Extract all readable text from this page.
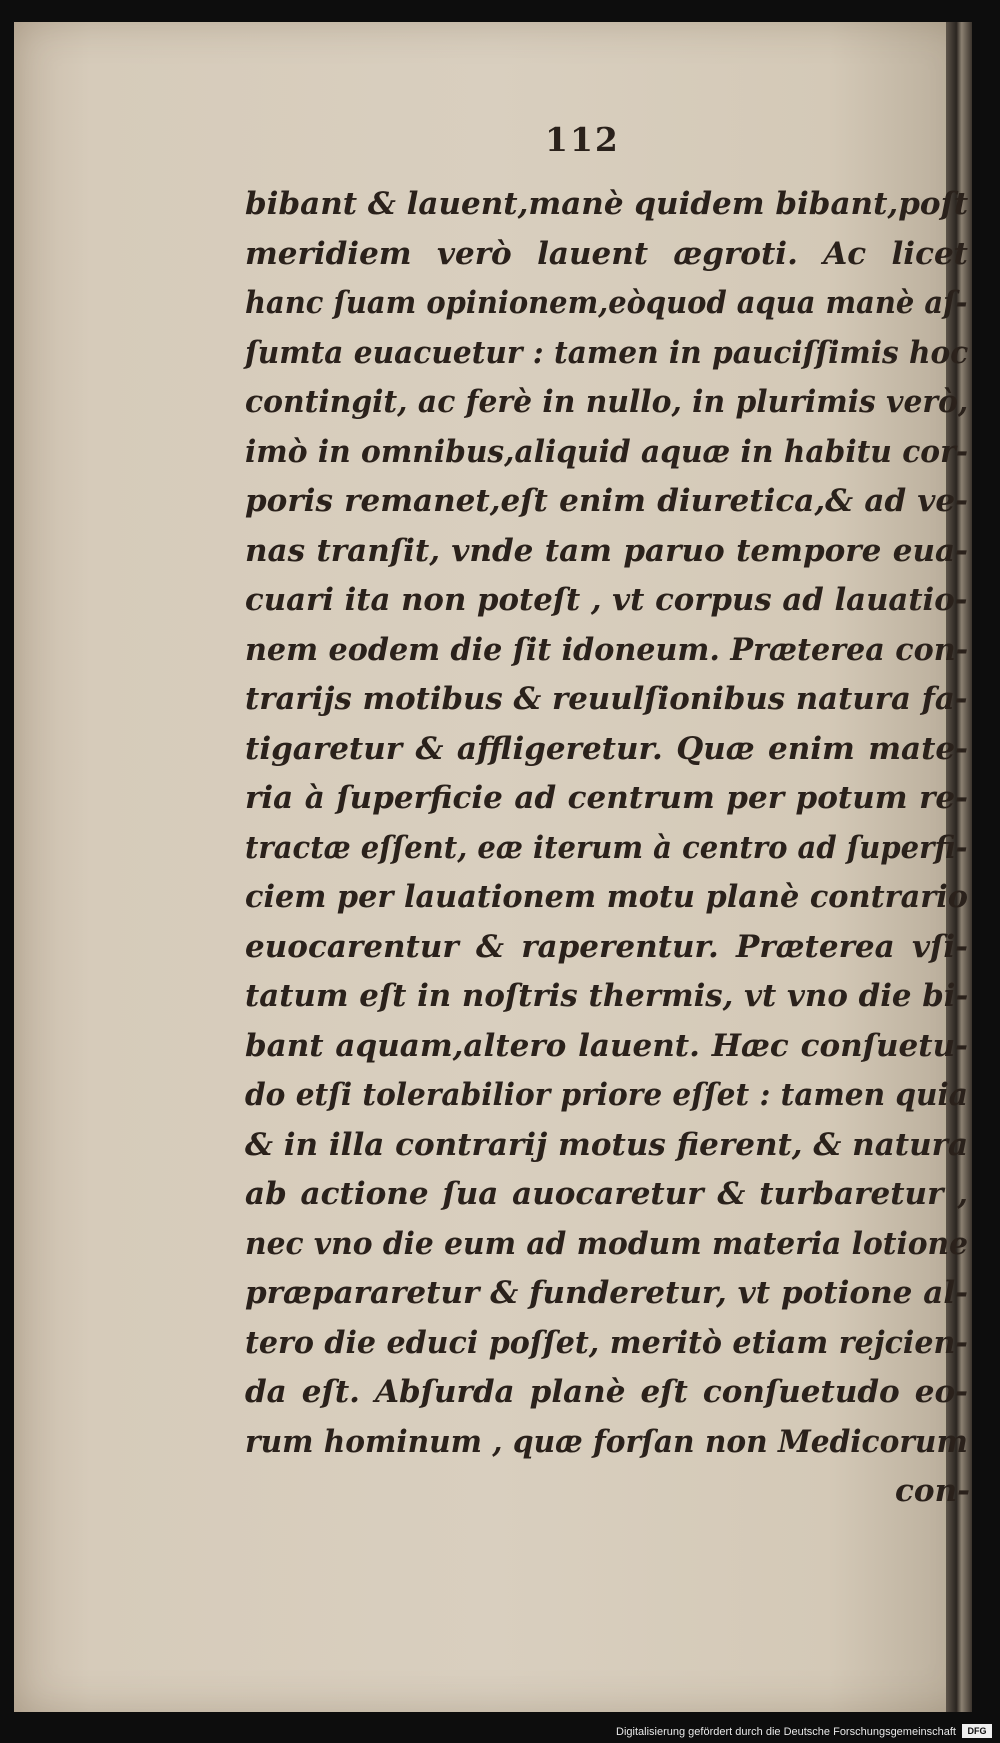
112
bibant & lauent,manè quidem bibant,poſt
meridiem verò lauent ægroti. Ac licet
hanc ſuam opinionem,eòquod aqua manè aſ-
ſumta euacuetur : tamen in pauciſſimis hoc
contingit, ac ferè in nullo, in plurimis verò,
imò in omnibus,aliquid aquæ in habitu cor-
poris remanet,eſt enim diuretica,& ad ve-
nas tranſit, vnde tam paruo tempore eua-
cuari ita non poteſt , vt corpus ad lauatio-
nem eodem die ſit idoneum. Præterea con-
trarijs motibus & reuulſionibus natura fa-
tigaretur & affligeretur. Quæ enim mate-
ria à ſuperficie ad centrum per potum re-
tractæ eſſent, eæ iterum à centro ad ſuperfi-
ciem per lauationem motu planè contrario
euocarentur & raperentur. Præterea vſi-
tatum eſt in noſtris thermis, vt vno die bi-
bant aquam,altero lauent. Hæc conſuetu-
do etſi tolerabilior priore eſſet : tamen quia
& in illa contrarij motus fierent, & natura
ab actione ſua auocaretur & turbaretur ,
nec vno die eum ad modum materia lotione
præpararetur & funderetur, vt potione al-
tero die educi poſſet, meritò etiam rejcien-
da eſt. Abſurda planè eſt conſuetudo eo-
rum hominum , quæ forſan non Medicorum
con-
Digitalisierung gefördert durch die Deutsche Forschungsgemeinschaft	DFG
